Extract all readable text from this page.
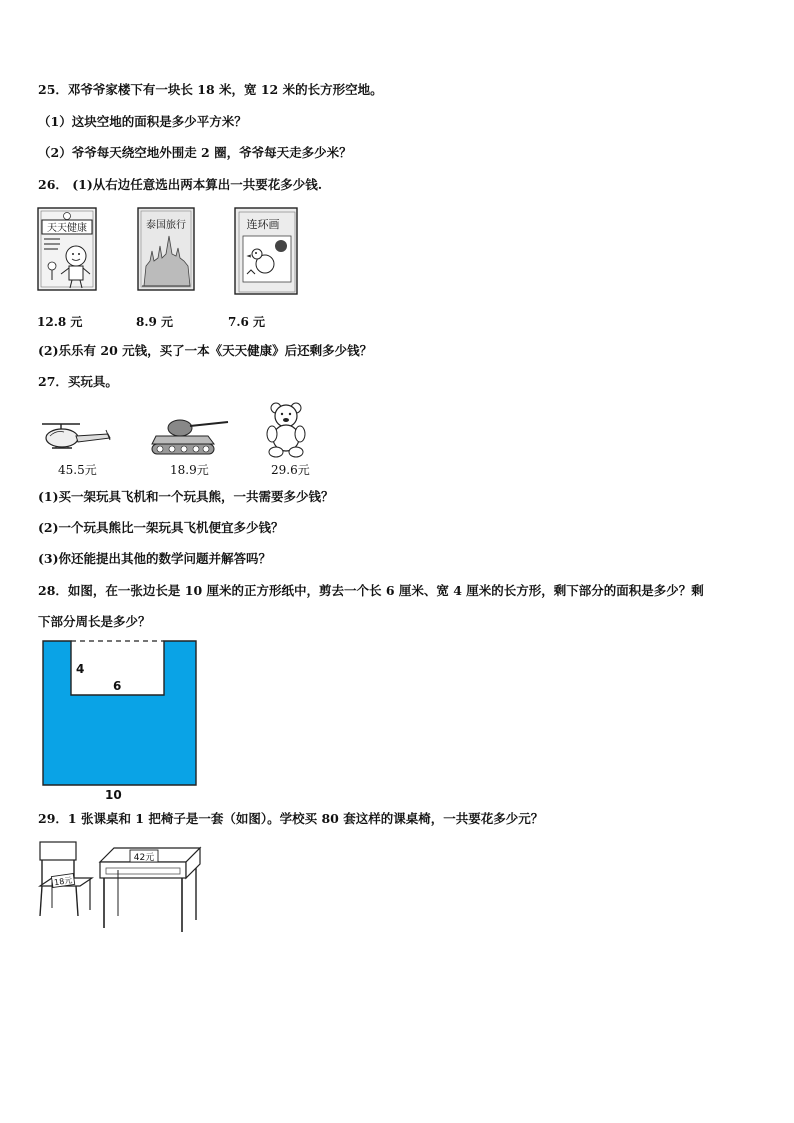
25．邓爷爷家楼下有一块长 18 米，宽 12 米的长方形空地。
（1）这块空地的面积是多少平方米？
（2）爷爷每天绕空地外围走 2 圈，爷爷每天走多少米？
26． (1)从右边任意选出两本算出一共要花多少钱.
天天健康	泰国旅行	连环画
12.8 元	8.9 元	7.6 元
(2)乐乐有 20 元钱，买了一本《天天健康》后还剩多少钱？
27．买玩具。
45.5元	18.9元	29.6元
(1)买一架玩具飞机和一个玩具熊，一共需要多少钱？
(2)一个玩具熊比一架玩具飞机便宜多少钱？
(3)你还能提出其他的数学问题并解答吗？
28．如图，在一张边长是 10 厘米的正方形纸中，剪去一个长 6 厘米、宽 4 厘米的长方形，剩下部分的面积是多少？剩
下部分周长是多少？
4
6
10
29．1 张课桌和 1 把椅子是一套（如图）。学校买 80 套这样的课桌椅，一共要花多少元？
18元
42元
